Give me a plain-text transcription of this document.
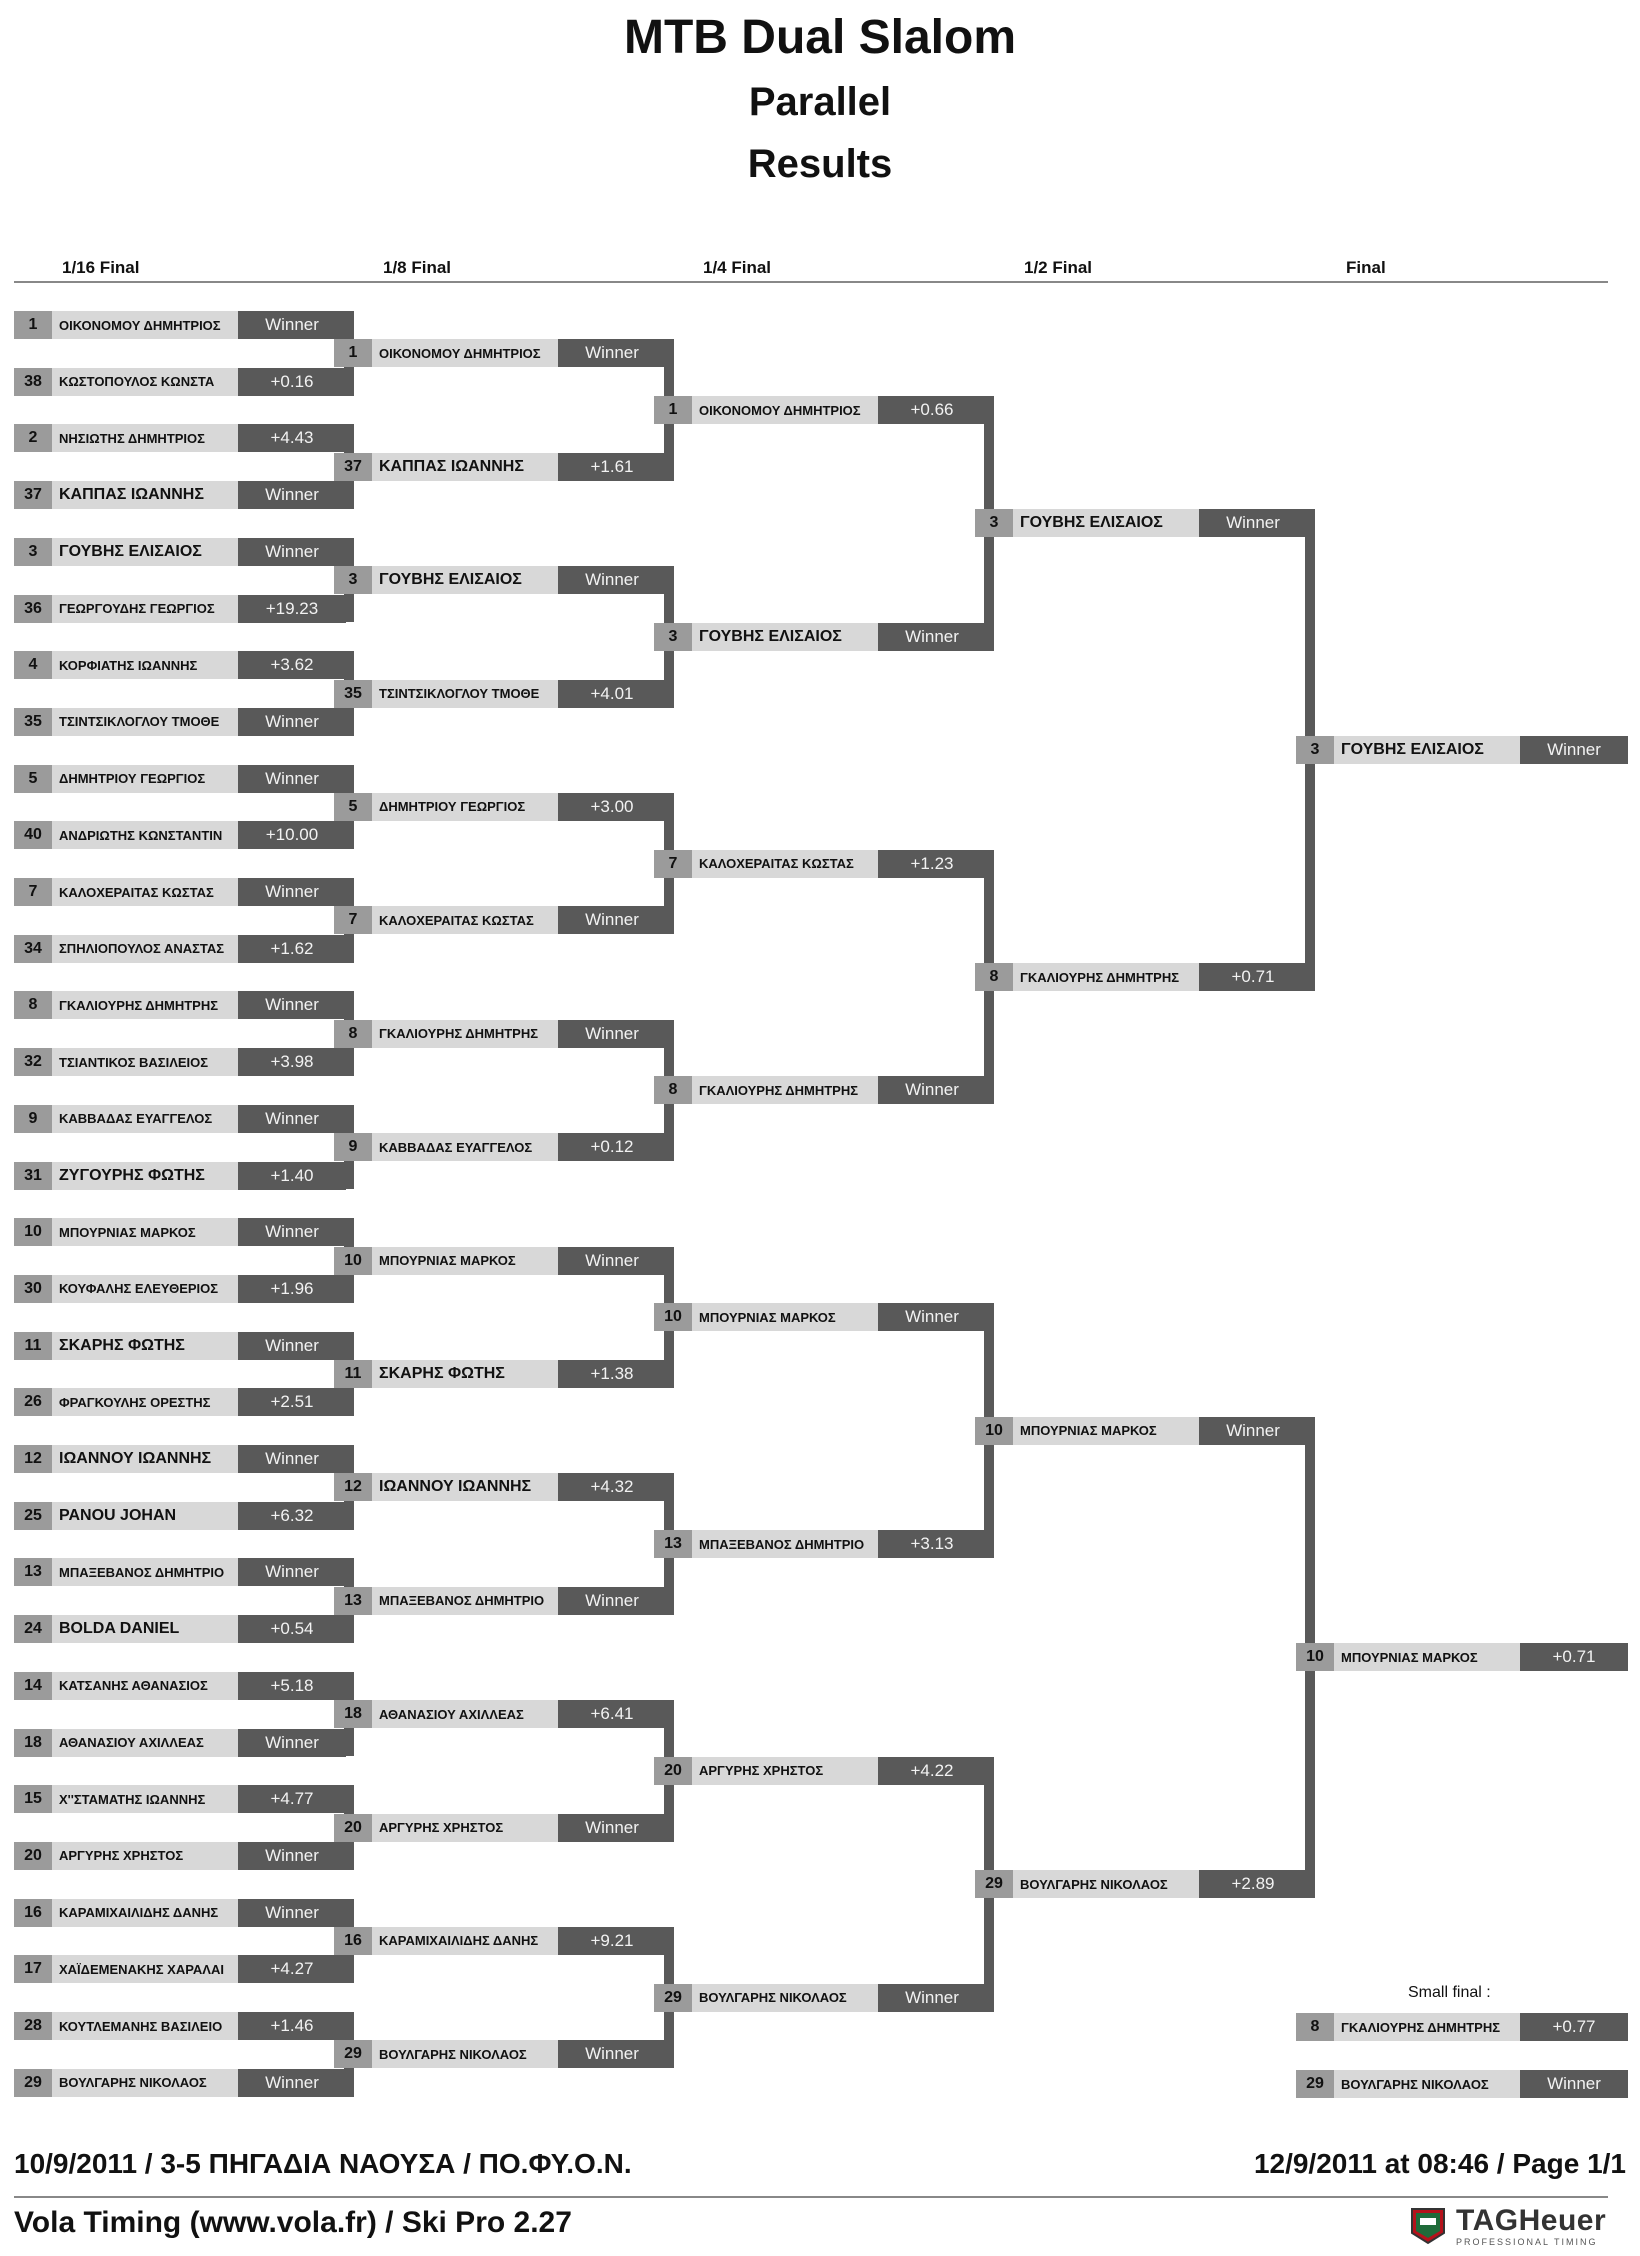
MTB Dual Slalom
Parallel
Results
1/16 Final	1/8 Final	1/4 Final	1/2 Final	Final
1	ΟΙΚΟΝΟΜΟΥ ΔΗΜΗΤΡΙΟΣ	Winner
38	ΚΩΣΤΟΠΟΥΛΟΣ ΚΩΝΣΤΑ	+0.16
2	ΝΗΣΙΩΤΗΣ ΔΗΜΗΤΡΙΟΣ	+4.43
37	ΚΑΠΠΑΣ ΙΩΑΝΝΗΣ	Winner
3	ΓΟΥΒΗΣ ΕΛΙΣΑΙΟΣ	Winner
36	ΓΕΩΡΓΟΥΔΗΣ ΓΕΩΡΓΙΟΣ	+19.23
4	ΚΟΡΦΙΑΤΗΣ ΙΩΑΝΝΗΣ	+3.62
35	ΤΣΙΝΤΣΙΚΛΟΓΛΟΥ ΤΜΟΘΕ	Winner
5	ΔΗΜΗΤΡΙΟΥ ΓΕΩΡΓΙΟΣ	Winner
40	ΑΝΔΡΙΩΤΗΣ ΚΩΝΣΤΑΝΤΙΝ	+10.00
7	ΚΑΛΟΧΕΡΑΙΤΑΣ ΚΩΣΤΑΣ	Winner
34	ΣΠΗΛΙΟΠΟΥΛΟΣ ΑΝΑΣΤΑΣ	+1.62
8	ΓΚΑΛΙΟΥΡΗΣ ΔΗΜΗΤΡΗΣ	Winner
32	ΤΣΙΑΝΤΙΚΟΣ ΒΑΣΙΛΕΙΟΣ	+3.98
9	ΚΑΒΒΑΔΑΣ ΕΥΑΓΓΕΛΟΣ	Winner
31	ΖΥΓΟΥΡΗΣ ΦΩΤΗΣ	+1.40
10	ΜΠΟΥΡΝΙΑΣ ΜΑΡΚΟΣ	Winner
30	ΚΟΥΦΑΛΗΣ ΕΛΕΥΘΕΡΙΟΣ	+1.96
11	ΣΚΑΡΗΣ ΦΩΤΗΣ	Winner
26	ΦΡΑΓΚΟΥΛΗΣ ΟΡΕΣΤΗΣ	+2.51
12	ΙΩΑΝΝΟΥ ΙΩΑΝΝΗΣ	Winner
25	PANOU JOHAN	+6.32
13	ΜΠΑΞΕΒΑΝΟΣ ΔΗΜΗΤΡΙΟ	Winner
24	BOLDA DANIEL	+0.54
14	ΚΑΤΣΑΝΗΣ ΑΘΑΝΑΣΙΟΣ	+5.18
18	ΑΘΑΝΑΣΙΟΥ ΑΧΙΛΛΕΑΣ	Winner
15	Χ''ΣΤΑΜΑΤΗΣ ΙΩΑΝΝΗΣ	+4.77
20	ΑΡΓΥΡΗΣ ΧΡΗΣΤΟΣ	Winner
16	ΚΑΡΑΜΙΧΑΙΛΙΔΗΣ ΔΑΝΗΣ	Winner
17	ΧΑΪΔΕΜΕΝΑΚΗΣ ΧΑΡΑΛΑΙ	+4.27
28	ΚΟΥΤΛΕΜΑΝΗΣ ΒΑΣΙΛΕΙΟ	+1.46
29	ΒΟΥΛΓΑΡΗΣ ΝΙΚΟΛΑΟΣ	Winner
1	ΟΙΚΟΝΟΜΟΥ ΔΗΜΗΤΡΙΟΣ	Winner
37	ΚΑΠΠΑΣ ΙΩΑΝΝΗΣ	+1.61
3	ΓΟΥΒΗΣ ΕΛΙΣΑΙΟΣ	Winner
35	ΤΣΙΝΤΣΙΚΛΟΓΛΟΥ ΤΜΟΘΕ	+4.01
5	ΔΗΜΗΤΡΙΟΥ ΓΕΩΡΓΙΟΣ	+3.00
7	ΚΑΛΟΧΕΡΑΙΤΑΣ ΚΩΣΤΑΣ	Winner
8	ΓΚΑΛΙΟΥΡΗΣ ΔΗΜΗΤΡΗΣ	Winner
9	ΚΑΒΒΑΔΑΣ ΕΥΑΓΓΕΛΟΣ	+0.12
10	ΜΠΟΥΡΝΙΑΣ ΜΑΡΚΟΣ	Winner
11	ΣΚΑΡΗΣ ΦΩΤΗΣ	+1.38
12	ΙΩΑΝΝΟΥ ΙΩΑΝΝΗΣ	+4.32
13	ΜΠΑΞΕΒΑΝΟΣ ΔΗΜΗΤΡΙΟ	Winner
18	ΑΘΑΝΑΣΙΟΥ ΑΧΙΛΛΕΑΣ	+6.41
20	ΑΡΓΥΡΗΣ ΧΡΗΣΤΟΣ	Winner
16	ΚΑΡΑΜΙΧΑΙΛΙΔΗΣ ΔΑΝΗΣ	+9.21
29	ΒΟΥΛΓΑΡΗΣ ΝΙΚΟΛΑΟΣ	Winner
1	ΟΙΚΟΝΟΜΟΥ ΔΗΜΗΤΡΙΟΣ	+0.66
3	ΓΟΥΒΗΣ ΕΛΙΣΑΙΟΣ	Winner
7	ΚΑΛΟΧΕΡΑΙΤΑΣ ΚΩΣΤΑΣ	+1.23
8	ΓΚΑΛΙΟΥΡΗΣ ΔΗΜΗΤΡΗΣ	Winner
10	ΜΠΟΥΡΝΙΑΣ ΜΑΡΚΟΣ	Winner
13	ΜΠΑΞΕΒΑΝΟΣ ΔΗΜΗΤΡΙΟ	+3.13
20	ΑΡΓΥΡΗΣ ΧΡΗΣΤΟΣ	+4.22
29	ΒΟΥΛΓΑΡΗΣ ΝΙΚΟΛΑΟΣ	Winner
3	ΓΟΥΒΗΣ ΕΛΙΣΑΙΟΣ	Winner
8	ΓΚΑΛΙΟΥΡΗΣ ΔΗΜΗΤΡΗΣ	+0.71
10	ΜΠΟΥΡΝΙΑΣ ΜΑΡΚΟΣ	Winner
29	ΒΟΥΛΓΑΡΗΣ ΝΙΚΟΛΑΟΣ	+2.89
3	ΓΟΥΒΗΣ ΕΛΙΣΑΙΟΣ	Winner
10	ΜΠΟΥΡΝΙΑΣ ΜΑΡΚΟΣ	+0.71
8	ΓΚΑΛΙΟΥΡΗΣ ΔΗΜΗΤΡΗΣ	+0.77
29	ΒΟΥΛΓΑΡΗΣ ΝΙΚΟΛΑΟΣ	Winner
Small final :
10/9/2011 / 3-5 ΠΗΓΑΔΙΑ ΝΑΟΥΣΑ / ΠΟ.ΦΥ.Ο.Ν.	12/9/2011 at 08:46 / Page 1/1
Vola Timing (www.vola.fr) / Ski Pro 2.27	TAGHeuer
PROFESSIONAL TIMING
